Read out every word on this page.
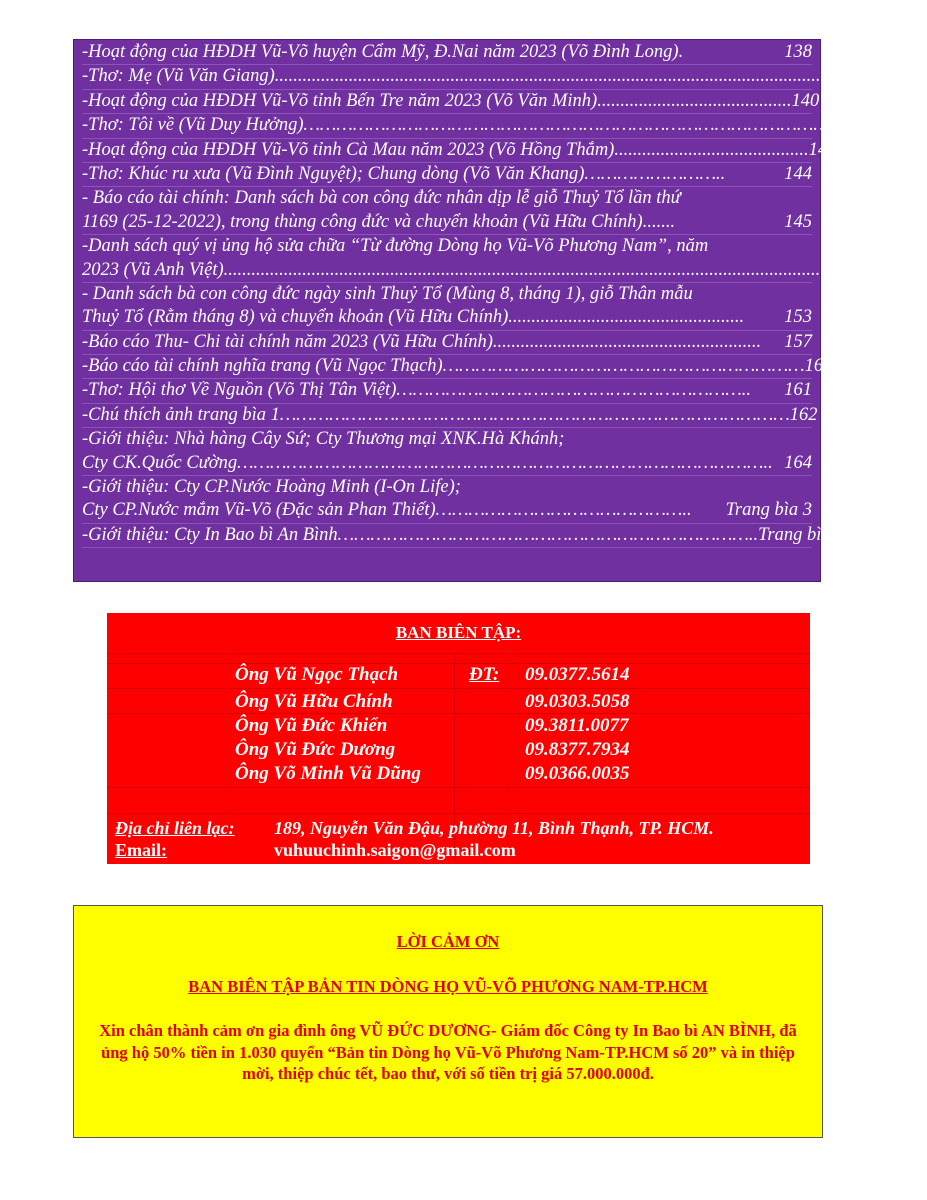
-Hoạt động của HĐDH Vũ-Võ huyện Cẩm Mỹ, Đ.Nai năm 2023 (Võ Đình Long) .	138
-Thơ: Mẹ (Vũ Văn Giang) ....................................................................................................................................... 139
-Hoạt động của HĐDH Vũ-Võ tỉnh Bến Tre năm 2023 (Võ Văn Minh) .......................................... 140
-Thơ: Tôi về (Vũ Duy Hưởng) …………………………………………………………………………………….. 142
-Hoạt động của HĐDH Vũ-Võ tỉnh Cà Mau năm 2023 (Võ Hồng Thắm) .......................................... 143
-Thơ: Khúc ru xưa (Vũ Đình Nguyệt); Chung dòng (Võ Văn Khang) ……………………..	144
- Báo cáo tài chính: Danh sách bà con công đức nhân dịp lễ giỗ Thuỷ Tổ lần thứ
1169 (25-12-2022), trong thùng công đức và chuyển khoản (Vũ Hữu Chính) .......	145
-Danh sách quý vị ủng hộ sửa chữa “Từ đường Dòng họ Vũ-Võ Phương Nam”, năm
2023 (Vũ Anh Việt) ......................................................................................................................................... 151
- Danh sách bà con công đức ngày sinh Thuỷ Tổ (Mùng 8, tháng 1), giỗ Thân mẫu
Thuỷ Tổ (Rằm tháng 8) và chuyển khoản (Vũ Hữu Chính) ...................................................	153
-Báo cáo Thu- Chi tài chính năm 2023 (Vũ Hữu Chính) ..........................................................	157
-Báo cáo tài chính nghĩa trang (Vũ Ngọc Thạch) ………………………………………………………… 161
-Thơ: Hội thơ Về Nguồn (Võ Thị Tân Việt) ………………………………………………………..	161
-Chú thích ảnh trang bìa 1 ………………………………………………………………………………… 162
-Giới thiệu: Nhà hàng Cây Sứ; Cty Thương mại XNK.Hà Khánh;
Cty CK.Quốc Cường …………………………………………………………………………………….. 164
-Giới thiệu: Cty CP.Nước Hoàng Minh (I-On Life);
Cty CP.Nước mắm Vũ-Võ (Đặc sản Phan Thiết) ………………………………………..	Trang bìa 3
-Giới thiệu: Cty In Bao bì An Bình ………………………………………………………………….. Trang bìa 4
BAN BIÊN TẬP:
Ông Vũ Ngọc Thạch	ĐT: 09.0377.5614
Ông Vũ Hữu Chính	09.0303.5058
Ông Vũ Đức Khiển	09.3811.0077
Ông Vũ Đức Dương	09.8377.7934
Ông Võ Minh Vũ Dũng	09.0366.0035
Địa chỉ liên lạc: 189, Nguyễn Văn Đậu, phường 11, Bình Thạnh, TP. HCM.
Email:	vuhuuchinh.saigon@gmail.com
LỜI CẢM ƠN
BAN BIÊN TẬP BẢN TIN DÒNG HỌ VŨ-VÕ PHƯƠNG NAM-TP.HCM
Xin chân thành cảm ơn gia đình ông VŨ ĐỨC DƯƠNG- Giám đốc Công ty In Bao bì AN BÌNH, đã ủng hộ 50% tiền in 1.030 quyển “Bản tin Dòng họ Vũ-Võ Phương Nam-TP.HCM số 20” và in thiệp mời, thiệp chúc tết, bao thư, với số tiền trị giá 57.000.000đ.
